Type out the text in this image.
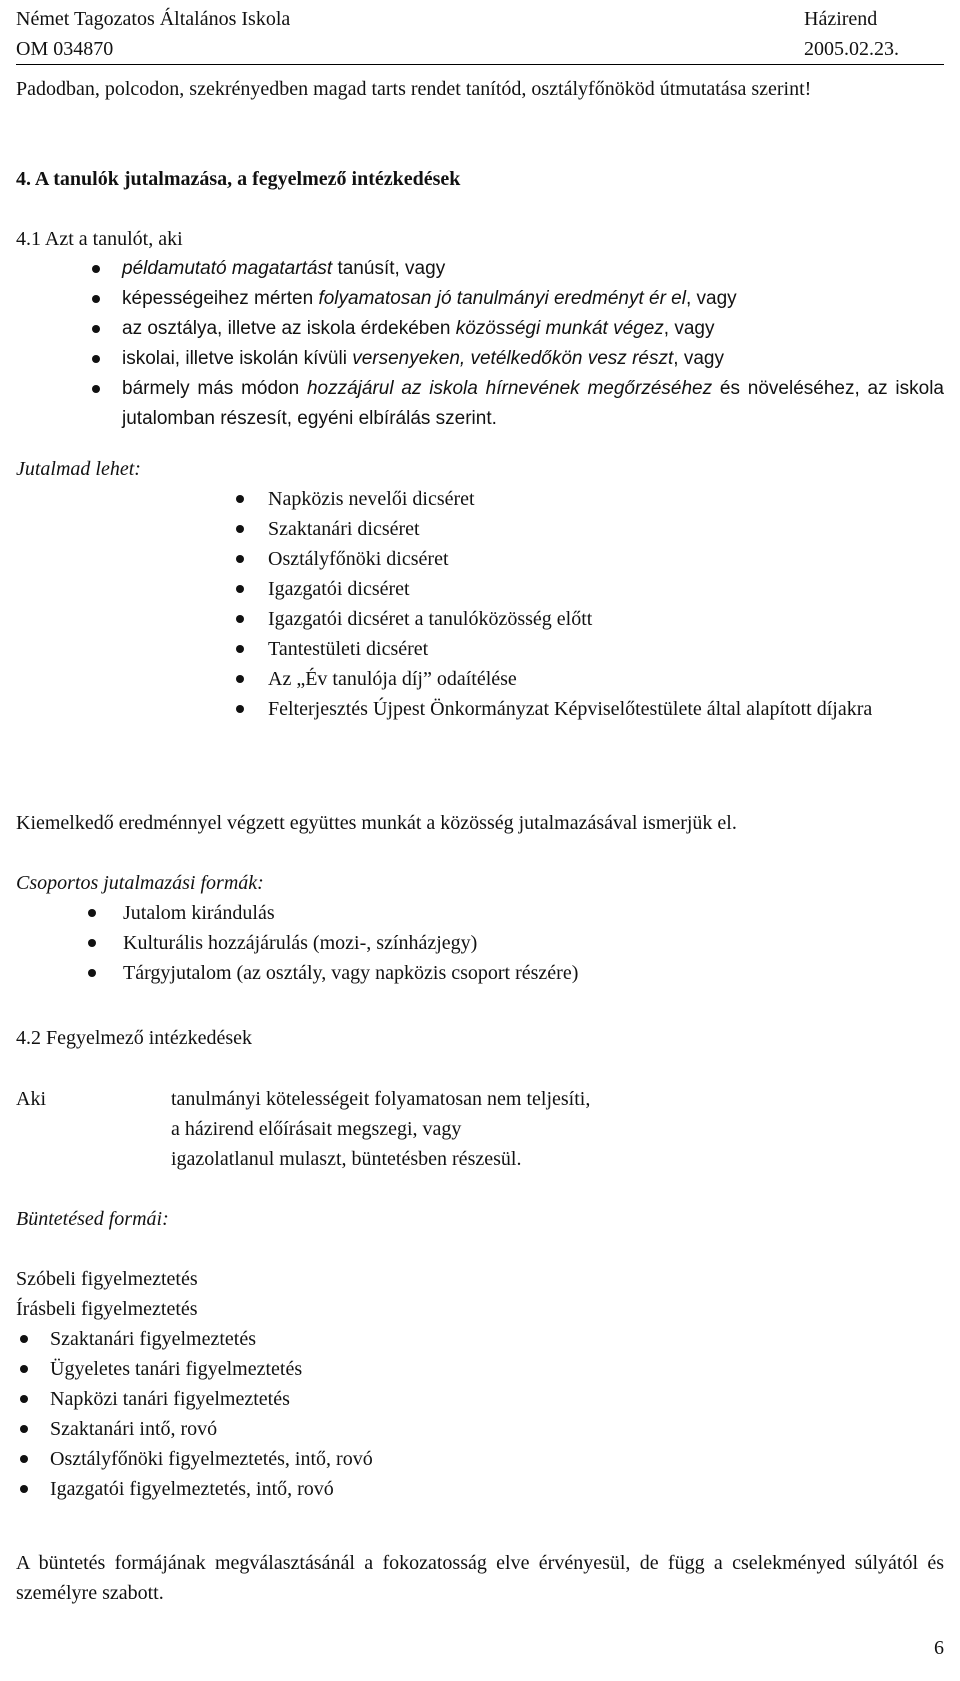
Német Tagozatos Általános Iskola	Házirend
OM 034870	2005.02.23.
Padodban, polcodon, szekrényedben magad tarts rendet tanítód, osztályfőnököd útmutatása szerint!
4. A tanulók jutalmazása, a fegyelmező intézkedések
4.1 Azt a tanulót, aki
példamutató magatartást tanúsít, vagy
képességeihez mérten folyamatosan jó tanulmányi eredményt ér el, vagy
az osztálya, illetve az iskola érdekében közösségi munkát végez, vagy
iskolai, illetve iskolán kívüli versenyeken, vetélkedőkön vesz részt, vagy
bármely más módon hozzájárul az iskola hírnevének megőrzéséhez és növeléséhez, az iskola jutalomban részesít, egyéni elbírálás szerint.
Jutalmad lehet:
Napközis nevelői dicséret
Szaktanári dicséret
Osztályfőnöki dicséret
Igazgatói dicséret
Igazgatói dicséret a tanulóközösség előtt
Tantestületi dicséret
Az „Év tanulója díj” odaítélése
Felterjesztés Újpest Önkormányzat Képviselőtestülete által alapított díjakra
Kiemelkedő eredménnyel végzett együttes munkát a közösség jutalmazásával ismerjük el.
Csoportos jutalmazási formák:
Jutalom kirándulás
Kulturális hozzájárulás (mozi-, színházjegy)
Tárgyjutalom (az osztály, vagy napközis csoport részére)
4.2 Fegyelmező intézkedések
Aki	tanulmányi kötelességeit folyamatosan nem teljesíti,
a házirend előírásait megszegi, vagy
igazolatlanul mulaszt, büntetésben részesül.
Büntetésed formái:
Szóbeli figyelmeztetés
Írásbeli figyelmeztetés
Szaktanári figyelmeztetés
Ügyeletes tanári figyelmeztetés
Napközi tanári figyelmeztetés
Szaktanári intő, rovó
Osztályfőnöki figyelmeztetés, intő, rovó
Igazgatói figyelmeztetés, intő, rovó
A büntetés formájának megválasztásánál a fokozatosság elve érvényesül, de függ a cselekményed súlyától és személyre szabott.
6
